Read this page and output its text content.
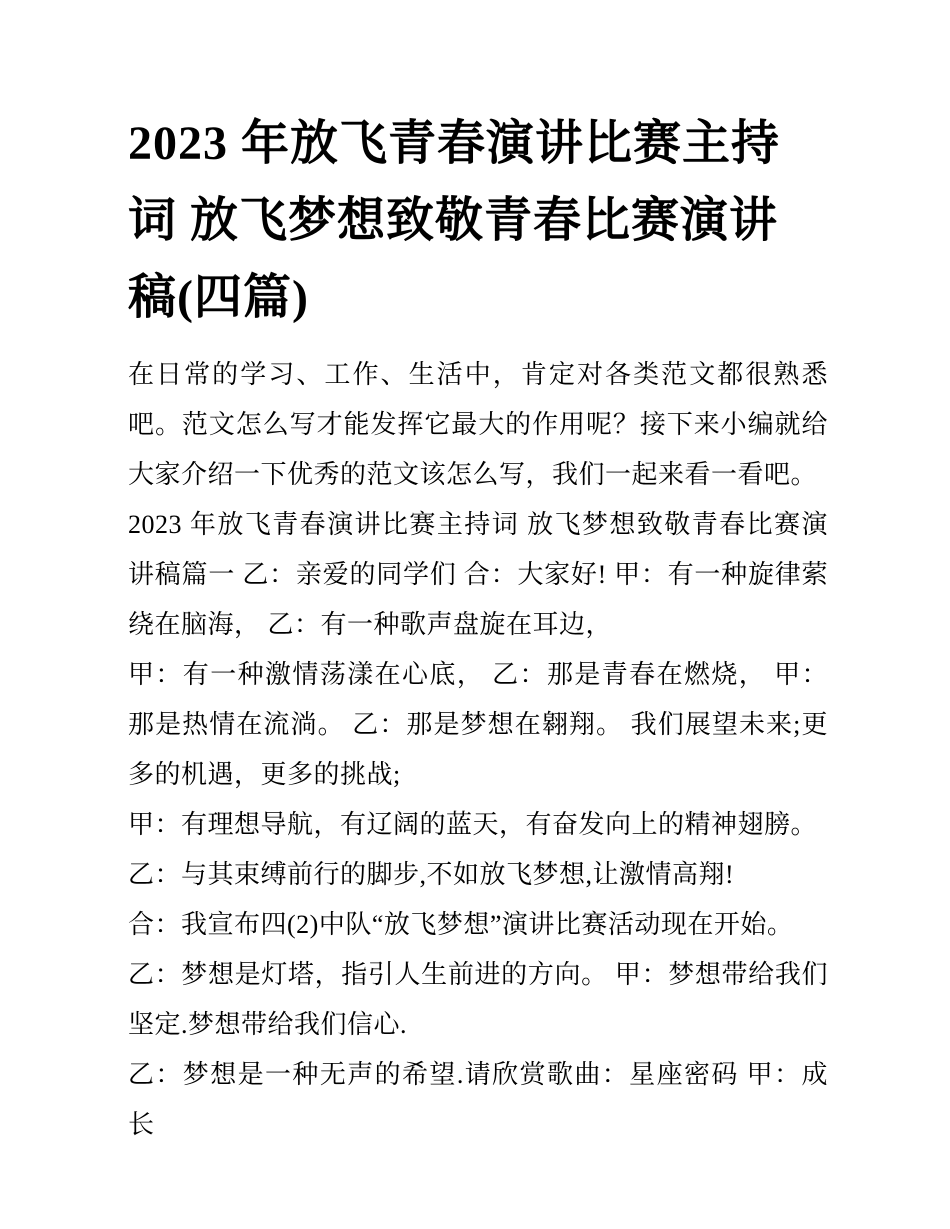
2023 年放飞青春演讲比赛主持
词 放飞梦想致敬青春比赛演讲
稿(四篇)

在日常的学习、工作、生活中，肯定对各类范文都很熟悉吧。范文怎么写才能发挥它最大的作用呢？接下来小编就给大家介绍一下优秀的范文该怎么写，我们一起来看一看吧。

2023 年放飞青春演讲比赛主持词 放飞梦想致敬青春比赛演讲稿篇一 乙：亲爱的同学们 合：大家好! 甲：有一种旋律萦绕在脑海， 乙：有一种歌声盘旋在耳边，

甲：有一种激情荡漾在心底， 乙：那是青春在燃烧， 甲：那是热情在流淌。 乙：那是梦想在翱翔。 我们展望未来;更多的机遇，更多的挑战;

甲：有理想导航，有辽阔的蓝天，有奋发向上的精神翅膀。

乙：与其束缚前行的脚步,不如放飞梦想,让激情高翔!

合：我宣布四(2)中队“放飞梦想”演讲比赛活动现在开始。

乙：梦想是灯塔，指引人生前进的方向。 甲：梦想带给我们坚定.梦想带给我们信心.

乙：梦想是一种无声的希望.请欣赏歌曲：星座密码 甲：成长
